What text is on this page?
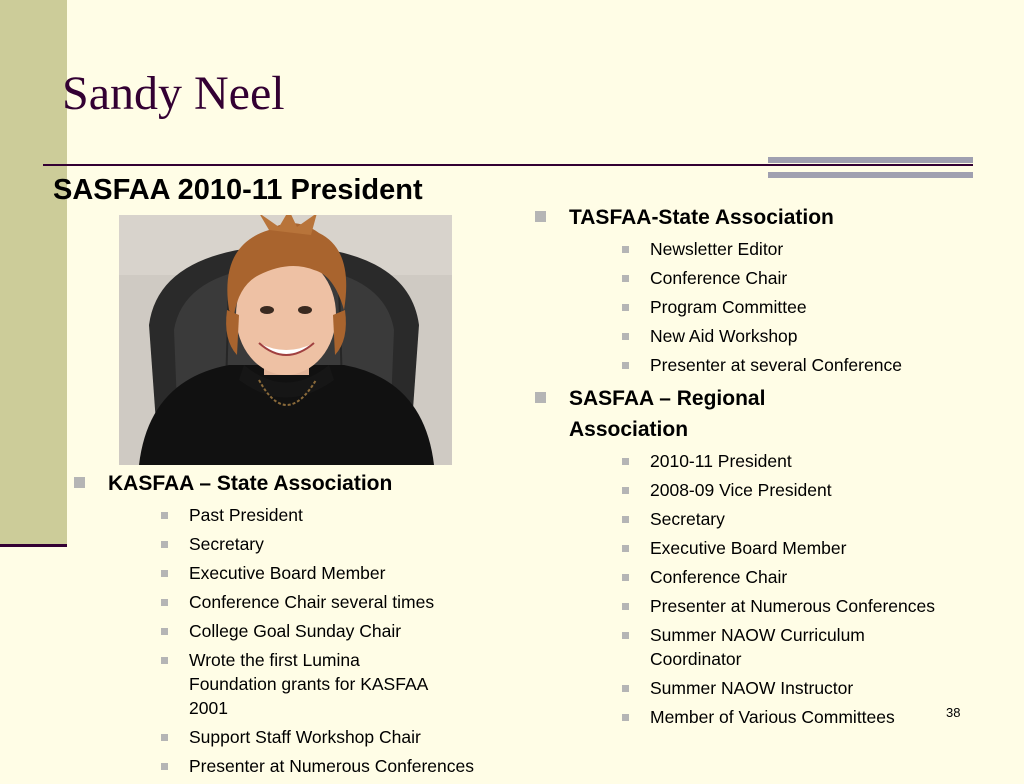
Sandy Neel
SASFAA 2010-11 President
KASFAA – State Association
Past President
Secretary
Executive Board Member
Conference Chair several times
College Goal Sunday Chair
Wrote the first Lumina Foundation grants for KASFAA 2001
Support Staff Workshop Chair
Presenter at Numerous Conferences
TASFAA-State Association
Newsletter Editor
Conference Chair
Program Committee
New Aid Workshop
Presenter at several Conference
SASFAA – Regional Association
2010-11 President
2008-09 Vice President
Secretary
Executive Board Member
Conference Chair
Presenter at Numerous Conferences
Summer NAOW Curriculum Coordinator
Summer NAOW Instructor
Member of Various Committees	38
